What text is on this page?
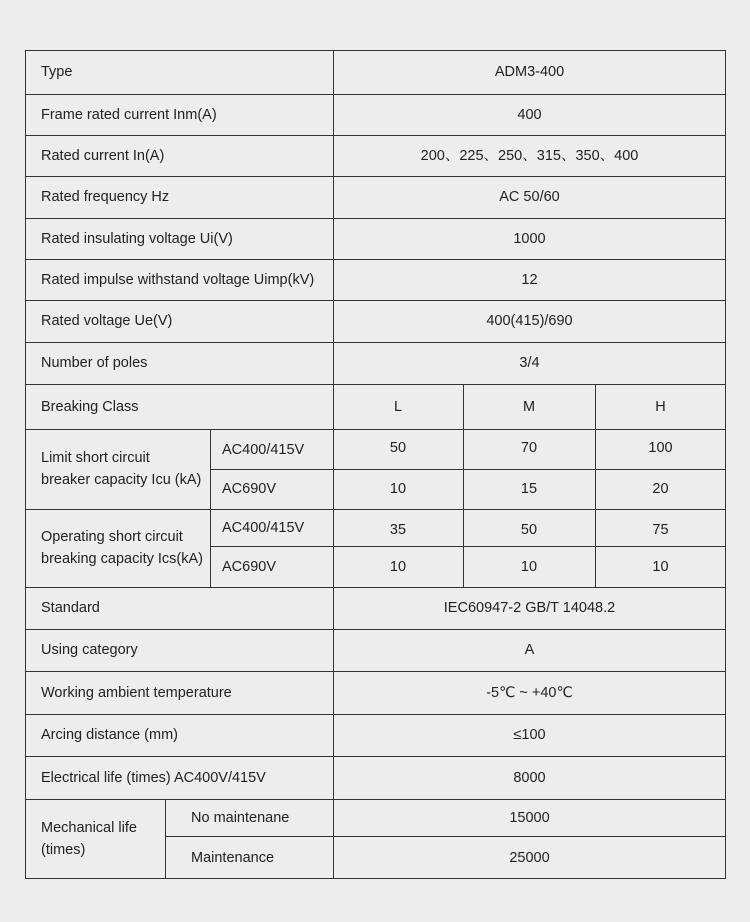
Type	ADM3-400
Frame rated current Inm(A)	400
Rated current In(A)	200、225、250、315、350、400
Rated frequency Hz	AC 50/60
Rated insulating voltage Ui(V)	1000
Rated impulse withstand voltage Uimp(kV)	12
Rated voltage Ue(V)	400(415)/690
Number of poles	3/4
Breaking Class	L	M	H
Limit short circuit
breaker capacity Icu (kA)
AC400/415V	50	70	100
AC690V	10	15	20
Operating short circuit
breaking capacity Ics(kA)
AC400/415V	35	50	75
AC690V	10	10	10
Standard	IEC60947-2 GB/T 14048.2
Using category	A
Working ambient temperature	-5℃ ~ +40℃
Arcing distance (mm)	≤100
Electrical life (times) AC400V/415V	8000
Mechanical life
(times)
No maintenane	15000
Maintenance	25000
